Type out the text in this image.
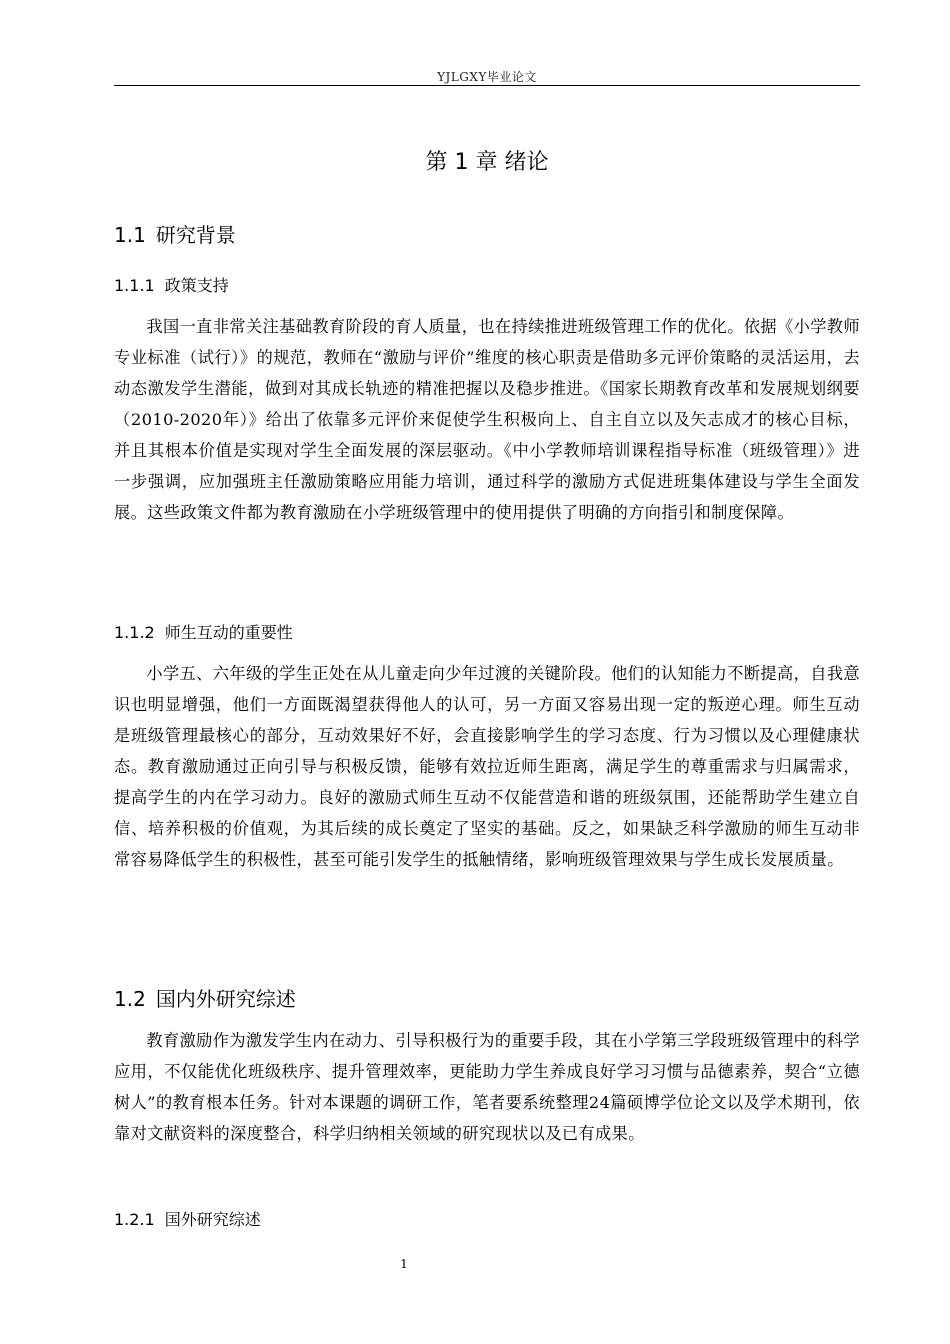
YJLGXY毕业论文
第 1 章 绪论
1.1 研究背景
1.1.1 政策支持

我国一直非常关注基础教育阶段的育人质量，也在持续推进班级管理工作的优化。依据《小学教师专业标准（试行）》的规范，教师在“激励与评价”维度的核心职责是借助多元评价策略的灵活运用，去动态激发学生潜能，做到对其成长轨迹的精准把握以及稳步推进。《国家长期教育改革和发展规划纲要（2010-2020年）》给出了依靠多元评价来促使学生积极向上、自主自立以及矢志成才的核心目标，并且其根本价值是实现对学生全面发展的深层驱动。《中小学教师培训课程指导标准（班级管理）》进一步强调，应加强班主任激励策略应用能力培训，通过科学的激励方式促进班集体建设与学生全面发展。这些政策文件都为教育激励在小学班级管理中的使用提供了明确的方向指引和制度保障。

1.1.2 师生互动的重要性

小学五、六年级的学生正处在从儿童走向少年过渡的关键阶段。他们的认知能力不断提高，自我意识也明显增强，他们一方面既渴望获得他人的认可，另一方面又容易出现一定的叛逆心理。师生互动是班级管理最核心的部分，互动效果好不好，会直接影响学生的学习态度、行为习惯以及心理健康状态。教育激励通过正向引导与积极反馈，能够有效拉近师生距离，满足学生的尊重需求与归属需求，提高学生的内在学习动力。良好的激励式师生互动不仅能营造和谐的班级氛围，还能帮助学生建立自信、培养积极的价值观，为其后续的成长奠定了坚实的基础。反之，如果缺乏科学激励的师生互动非常容易降低学生的积极性，甚至可能引发学生的抵触情绪，影响班级管理效果与学生成长发展质量。

1.2 国内外研究综述

教育激励作为激发学生内在动力、引导积极行为的重要手段，其在小学第三学段班级管理中的科学应用，不仅能优化班级秩序、提升管理效率，更能助力学生养成良好学习习惯与品德素养，契合“立德树人”的教育根本任务。针对本课题的调研工作，笔者要系统整理24篇硕博学位论文以及学术期刊，依靠对文献资料的深度整合，科学归纳相关领域的研究现状以及已有成果。

1.2.1 国外研究综述
1
